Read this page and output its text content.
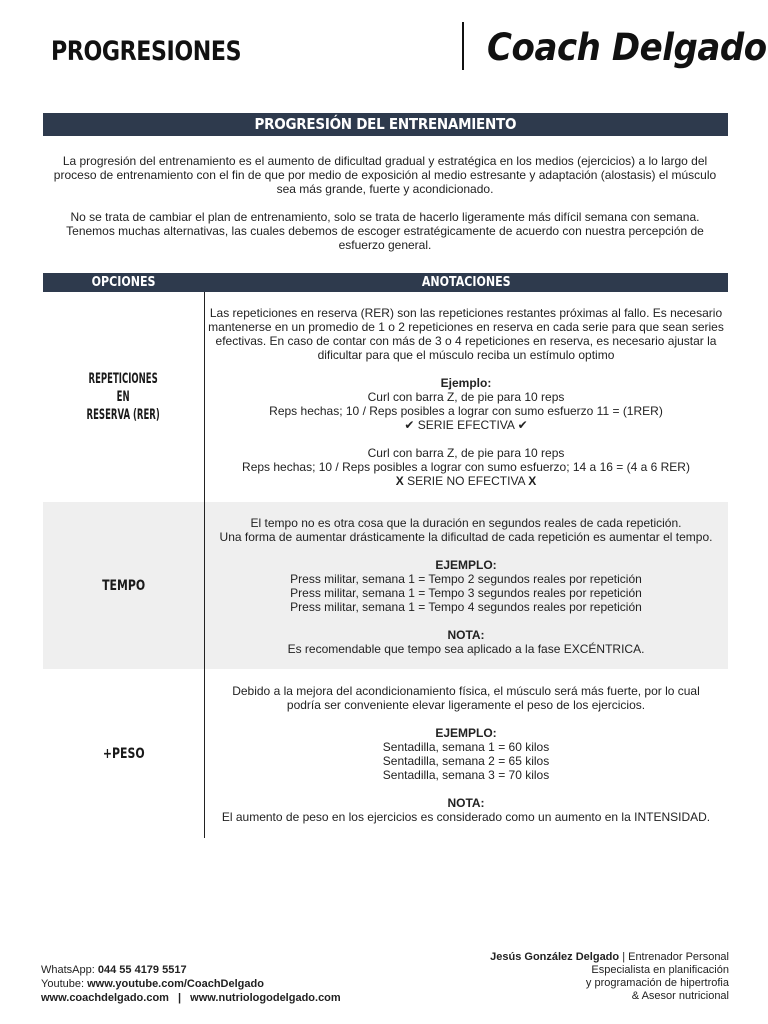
PROGRESIONES	Coach Delgado
PROGRESIÓN DEL ENTRENAMIENTO

La progresión del entrenamiento es el aumento de dificultad gradual y estratégica en los medios (ejercicios) a lo largo del proceso de entrenamiento con el fin de que por medio de exposición al medio estresante y adaptación (alostasis) el músculo sea más grande, fuerte y acondicionado.

No se trata de cambiar el plan de entrenamiento, solo se trata de hacerlo ligeramente más difícil semana con semana. Tenemos muchas alternativas, las cuales debemos de escoger estratégicamente de acuerdo con nuestra percepción de esfuerzo general.

OPCIONES	ANOTACIONES
REPETICIONES
EN
RESERVA (RER)
Las repeticiones en reserva (RER) son las repeticiones restantes próximas al fallo. Es necesario mantenerse en un promedio de 1 o 2 repeticiones en reserva en cada serie para que sean series efectivas. En caso de contar con más de 3 o 4 repeticiones en reserva, es necesario ajustar la dificultar para que el músculo reciba un estímulo optimo
Ejemplo:
Curl con barra Z, de pie para 10 reps
Reps hechas; 10 / Reps posibles a lograr con sumo esfuerzo 11 = (1RER)
✔ SERIE EFECTIVA ✔
Curl con barra Z, de pie para 10 reps
Reps hechas; 10 / Reps posibles a lograr con sumo esfuerzo; 14 a 16 = (4 a 6 RER)
X SERIE NO EFECTIVA X
TEMPO
El tempo no es otra cosa que la duración en segundos reales de cada repetición.
Una forma de aumentar drásticamente la dificultad de cada repetición es aumentar el tempo.
EJEMPLO:
Press militar, semana 1 = Tempo 2 segundos reales por repetición
Press militar, semana 1 = Tempo 3 segundos reales por repetición
Press militar, semana 1 = Tempo 4 segundos reales por repetición
NOTA:
Es recomendable que tempo sea aplicado a la fase EXCÉNTRICA.
+PESO
Debido a la mejora del acondicionamiento física, el músculo será más fuerte, por lo cual
podría ser conveniente elevar ligeramente el peso de los ejercicios.
EJEMPLO:
Sentadilla, semana 1 = 60 kilos
Sentadilla, semana 2 = 65 kilos
Sentadilla, semana 3 = 70 kilos
NOTA:
El aumento de peso en los ejercicios es considerado como un aumento en la INTENSIDAD.
WhatsApp: 044 55 4179 5517
Youtube: www.youtube.com/CoachDelgado
www.coachdelgado.com | www.nutriologodelgado.com
Jesús González Delgado | Entrenador Personal
Especialista en planificación
y programación de hipertrofia
& Asesor nutricional
